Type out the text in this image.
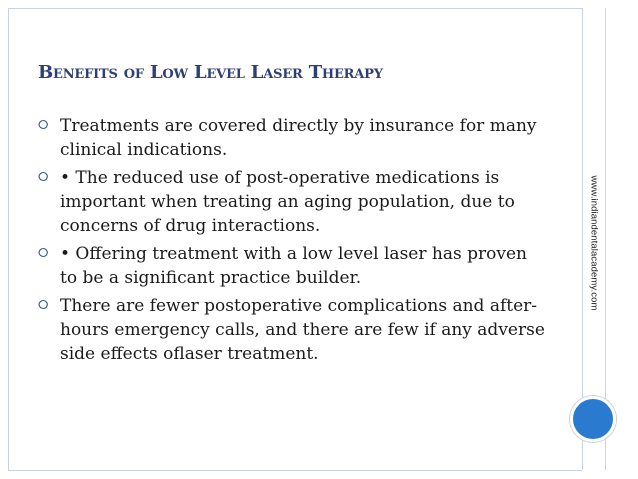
www.indiandentalacademy.com
Benefits of Low Level Laser Therapy
⭘ Treatments are covered directly by insurance for many clinical indications.
⭘ • The reduced use of post-operative medications is important when treating an aging population, due to concerns of drug interactions.
⭘ • Offering treatment with a low level laser has proven to be a significant practice builder.
⭘ There are fewer postoperative complications and after-hours emergency calls, and there are few if any adverse side effects oflaser treatment.
